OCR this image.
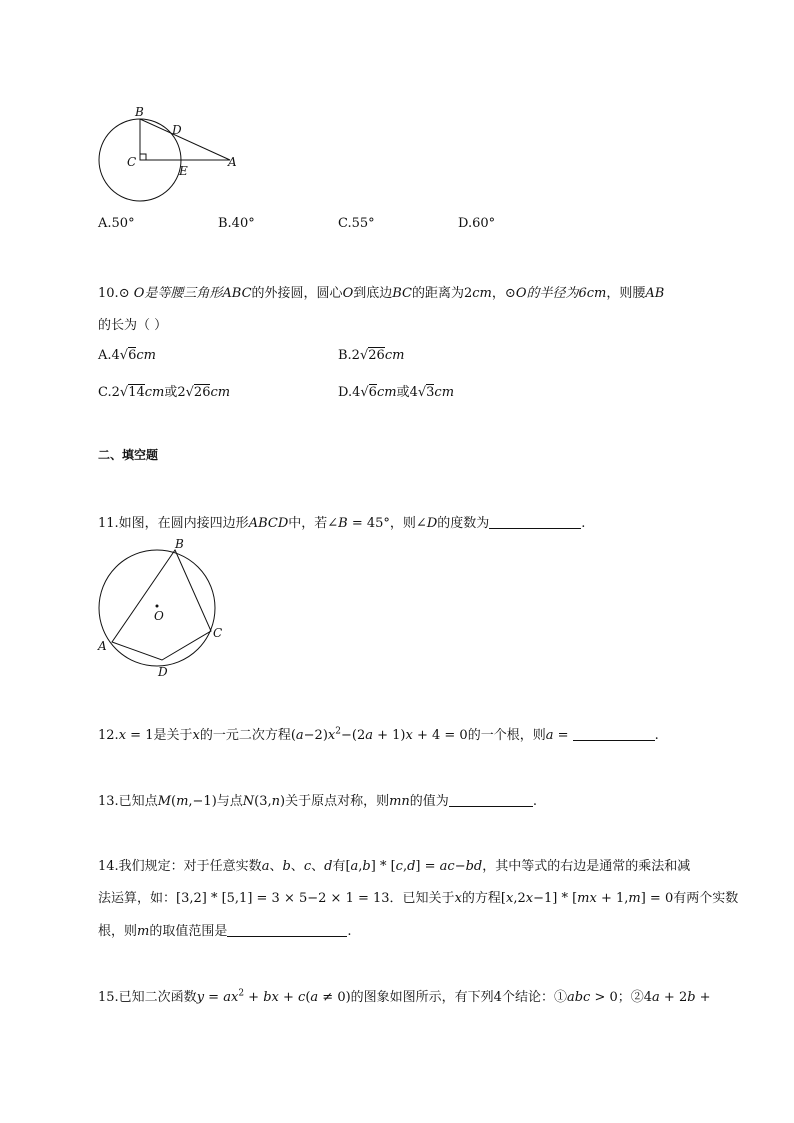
B
D
C
E
A
A.50°	B.40°	C.55°	D.60°
10.⊙ O是等腰三角形ABC的外接圆，圆心O到底边BC的距离为2cm，⊙O的半径为6cm，则腰AB
的长为（ ）
A.4√6cm	B.2√26cm
C.2√14cm或2√26cm	D.4√6cm或4√3cm
二、填空题
11.如图，在圆内接四边形ABCD中，若∠B = 45°，则∠D的度数为	.
B
O
C
A
D
12.x = 1是关于x的一元二次方程$(a-2)x^2-(2a + 1)x + 4 = 0$的一个根，则a =	.
13.已知点M(m,−1)与点N(3,n)关于原点对称，则mn的值为	.
14.我们规定：对于任意实数a、b、c、d有[a,b] * [c,d] = ac−bd，其中等式的右边是通常的乘法和减
法运算，如：[3,2] * [5,1] = 3 × 5−2 × 1 = 13．已知关于x的方程[x,2x−1] * [mx + 1,m] = 0有两个实数
根，则m的取值范围是	.
15.已知二次函数$y = ax^2$ + bx + c(a ≠ 0)的图象如图所示，有下列4个结论：①abc > 0；②4a + 2b +
